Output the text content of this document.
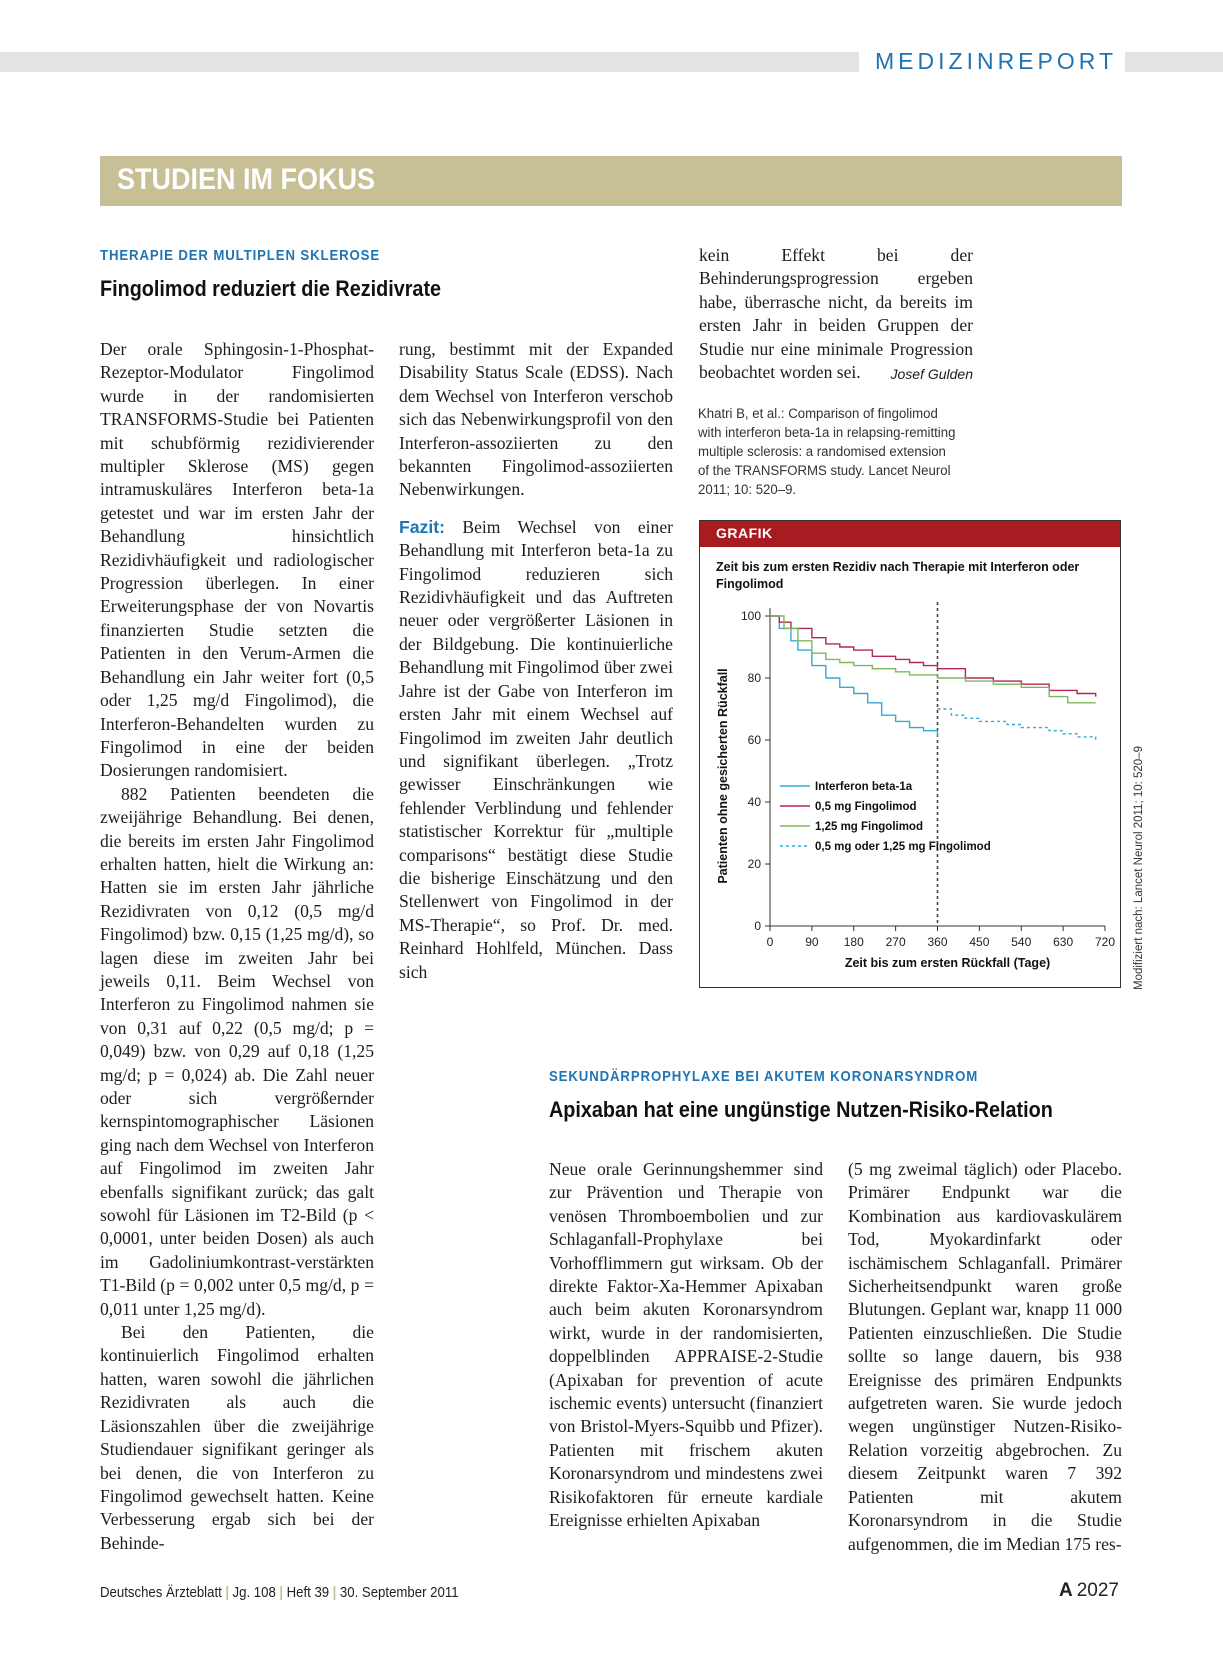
MEDIZINREPORT
STUDIEN IM FOKUS
THERAPIE DER MULTIPLEN SKLEROSE
Fingolimod reduziert die Rezidivrate

Der orale Sphingosin-1-Phosphat-Rezeptor-Modulator Fingolimod wurde in der randomisierten TRANSFORMS-Studie bei Patienten mit schubförmig rezidivierender multipler Sklerose (MS) gegen intramuskuläres Interferon beta-1a getestet und war im ersten Jahr der Behandlung hinsichtlich Rezidivhäufigkeit und radiologischer Progression überlegen. In einer Erweiterungsphase der von Novartis finanzierten Studie setzten die Patienten in den Verum-Armen die Behandlung ein Jahr weiter fort (0,5 oder 1,25 mg/d Fingolimod), die Interferon-Behandelten wurden zu Fingolimod in eine der beiden Dosierungen randomisiert.

882 Patienten beendeten die zweijährige Behandlung. Bei denen, die bereits im ersten Jahr Fingolimod erhalten hatten, hielt die Wirkung an: Hatten sie im ersten Jahr jährliche Rezidivraten von 0,12 (0,5 mg/d Fingolimod) bzw. 0,15 (1,25 mg/d), so lagen diese im zweiten Jahr bei jeweils 0,11. Beim Wechsel von Interferon zu Fingolimod nahmen sie von 0,31 auf 0,22 (0,5 mg/d; p = 0,049) bzw. von 0,29 auf 0,18 (1,25 mg/d; p = 0,024) ab. Die Zahl neuer oder sich vergrößernder kernspintomographischer Läsionen ging nach dem Wechsel von Interferon auf Fingolimod im zweiten Jahr ebenfalls signifikant zurück; das galt sowohl für Läsionen im T2-Bild (p < 0,0001, unter beiden Dosen) als auch im Gadoliniumkontrast-verstärkten T1-Bild (p = 0,002 unter 0,5 mg/d, p = 0,011 unter 1,25 mg/d).

Bei den Patienten, die kontinuierlich Fingolimod erhalten hatten, waren sowohl die jährlichen Rezidivraten als auch die Läsionszahlen über die zweijährige Studiendauer signifikant geringer als bei denen, die von Interferon zu Fingolimod gewechselt hatten. Keine Verbesserung ergab sich bei der Behinde-

rung, bestimmt mit der Expanded Disability Status Scale (EDSS). Nach dem Wechsel von Interferon verschob sich das Nebenwirkungsprofil von den Interferon-assoziierten zu den bekannten Fingolimod-assoziierten Nebenwirkungen.

Fazit: Beim Wechsel von einer Behandlung mit Interferon beta-1a zu Fingolimod reduzieren sich Rezidivhäufigkeit und das Auftreten neuer oder vergrößerter Läsionen in der Bildgebung. Die kontinuierliche Behandlung mit Fingolimod über zwei Jahre ist der Gabe von Interferon im ersten Jahr mit einem Wechsel auf Fingolimod im zweiten Jahr deutlich und signifikant überlegen. „Trotz gewisser Einschränkungen wie fehlender Verblindung und fehlender statistischer Korrektur für „multiple comparisons“ bestätigt diese Studie die bisherige Einschätzung und den Stellenwert von Fingolimod in der MS-Therapie“, so Prof. Dr. med. Reinhard Hohlfeld, München. Dass sich

kein Effekt bei der Behinderungsprogression ergeben habe, überrasche nicht, da bereits im ersten Jahr in beiden Gruppen der Studie nur eine minimale Progression beobachtet worden sei. Josef Gulden

Khatri B, et al.: Comparison of fingolimod with interferon beta-1a in relapsing-remitting multiple sclerosis: a randomised extension of the TRANSFORMS study. Lancet Neurol 2011; 10: 520–9.
GRAFIK
Zeit bis zum ersten Rezidiv nach Therapie mit Interferon oder Fingolimod
0
20
40
60
80
100
0	90 180 270 360 450 540 630 720
Zeit bis zum ersten Rückfall (Tage)
Patienten ohne gesicherten Rückfall	Interferon beta-1a
0,5 mg Fingolimod
1,25 mg Fingolimod
0,5 mg oder 1,25 mg Fingolimod	Modifiziert nach: Lancet Neurol 2011; 10: 520–9
SEKUNDÄRPROPHYLAXE BEI AKUTEM KORONARSYNDROM
Apixaban hat eine ungünstige Nutzen-Risiko-Relation

Neue orale Gerinnungshemmer sind zur Prävention und Therapie von venösen Thromboembolien und zur Schlaganfall-Prophylaxe bei Vorhofflimmern gut wirksam. Ob der direkte Faktor-Xa-Hemmer Apixaban auch beim akuten Koronarsyndrom wirkt, wurde in der randomisierten, doppelblinden APPRAISE-2-Studie (Apixaban for prevention of acute ischemic events) untersucht (finanziert von Bristol-Myers-Squibb und Pfizer). Patienten mit frischem akuten Koronarsyndrom und mindestens zwei Risikofaktoren für erneute kardiale Ereignisse erhielten Apixaban

(5 mg zweimal täglich) oder Placebo. Primärer Endpunkt war die Kombination aus kardiovaskulärem Tod, Myokardinfarkt oder ischämischem Schlaganfall. Primärer Sicherheitsendpunkt waren große Blutungen. Geplant war, knapp 11 000 Patienten einzuschließen. Die Studie sollte so lange dauern, bis 938 Ereignisse des primären Endpunkts aufgetreten waren. Sie wurde jedoch wegen ungünstiger Nutzen-Risiko-Relation vorzeitig abgebrochen. Zu diesem Zeitpunkt waren 7 392 Patienten mit akutem Koronarsyndrom in die Studie aufgenommen, die im Median 175 res-

Deutsches Ärzteblatt | Jg. 108 | Heft 39 | 30. September 2011	A 2027
